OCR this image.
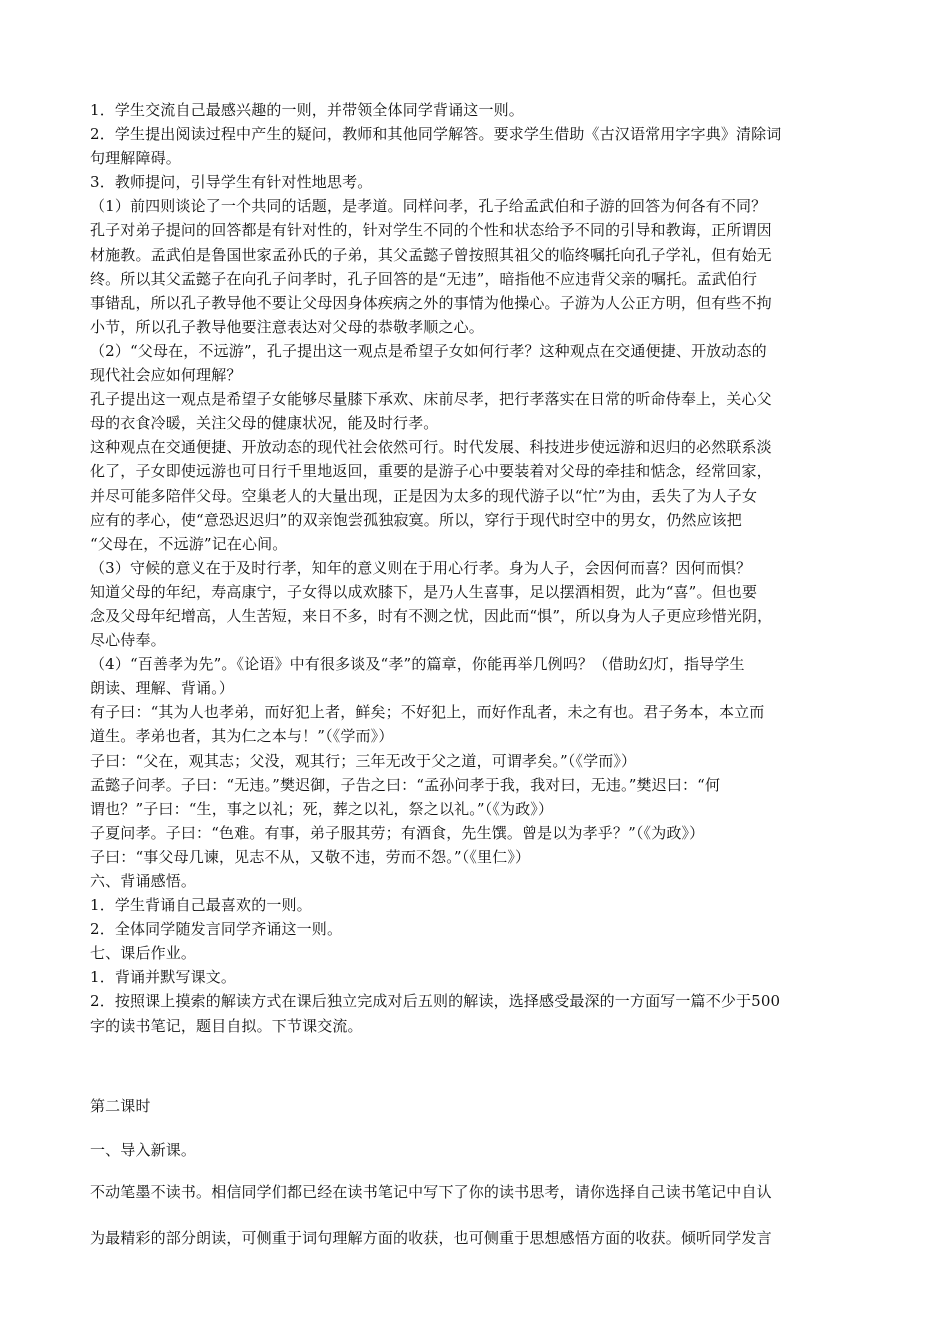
1．学生交流自己最感兴趣的一则，并带领全体同学背诵这一则。
2．学生提出阅读过程中产生的疑问，教师和其他同学解答。要求学生借助《古汉语常用字字典》清除词
句理解障碍。
3．教师提问，引导学生有针对性地思考。
（1）前四则谈论了一个共同的话题，是孝道。同样问孝，孔子给孟武伯和子游的回答为何各有不同？
孔子对弟子提问的回答都是有针对性的，针对学生不同的个性和状态给予不同的引导和教诲，正所谓因
材施教。孟武伯是鲁国世家孟孙氏的子弟，其父孟懿子曾按照其祖父的临终嘱托向孔子学礼，但有始无
终。所以其父孟懿子在向孔子问孝时，孔子回答的是“无违”，暗指他不应违背父亲的嘱托。孟武伯行
事错乱，所以孔子教导他不要让父母因身体疾病之外的事情为他操心。子游为人公正方明，但有些不拘
小节，所以孔子教导他要注意表达对父母的恭敬孝顺之心。
（2）“父母在，不远游”，孔子提出这一观点是希望子女如何行孝？这种观点在交通便捷、开放动态的
现代社会应如何理解？
孔子提出这一观点是希望子女能够尽量膝下承欢、床前尽孝，把行孝落实在日常的听命侍奉上，关心父
母的衣食冷暖，关注父母的健康状况，能及时行孝。
这种观点在交通便捷、开放动态的现代社会依然可行。时代发展、科技进步使远游和迟归的必然联系淡
化了，子女即使远游也可日行千里地返回，重要的是游子心中要装着对父母的牵挂和惦念，经常回家，
并尽可能多陪伴父母。空巢老人的大量出现，正是因为太多的现代游子以“忙”为由，丢失了为人子女
应有的孝心，使“意恐迟迟归”的双亲饱尝孤独寂寞。所以，穿行于现代时空中的男女，仍然应该把
“父母在，不远游”记在心间。
（3）守候的意义在于及时行孝，知年的意义则在于用心行孝。身为人子，会因何而喜？因何而惧？
知道父母的年纪，寿高康宁，子女得以成欢膝下，是乃人生喜事，足以摆酒相贺，此为“喜”。但也要
念及父母年纪增高，人生苦短，来日不多，时有不测之忧，因此而“惧”，所以身为人子更应珍惜光阴，
尽心侍奉。
（4）“百善孝为先”。《论语》中有很多谈及“孝”的篇章，你能再举几例吗？（借助幻灯，指导学生
朗读、理解、背诵。）
有子曰：“其为人也孝弟，而好犯上者，鲜矣；不好犯上，而好作乱者，未之有也。君子务本，本立而
道生。孝弟也者，其为仁之本与！”（《学而》）
子曰：“父在，观其志；父没，观其行；三年无改于父之道，可谓孝矣。”（《学而》）
孟懿子问孝。子曰：“无违。”樊迟御，子告之曰：“孟孙问孝于我，我对曰，无违。”樊迟曰：“何
谓也？”子曰：“生，事之以礼；死，葬之以礼，祭之以礼。”（《为政》）
子夏问孝。子曰：“色难。有事，弟子服其劳；有酒食，先生馔。曾是以为孝乎？”（《为政》）
子曰：“事父母几谏，见志不从，又敬不违，劳而不怨。”（《里仁》）
六、背诵感悟。
1．学生背诵自己最喜欢的一则。
2．全体同学随发言同学齐诵这一则。
七、课后作业。
1．背诵并默写课文。
2．按照课上摸索的解读方式在课后独立完成对后五则的解读，选择感受最深的一方面写一篇不少于500
字的读书笔记，题目自拟。下节课交流。
第二课时
一、导入新课。
不动笔墨不读书。相信同学们都已经在读书笔记中写下了你的读书思考，请你选择自己读书笔记中自认
为最精彩的部分朗读，可侧重于词句理解方面的收获，也可侧重于思想感悟方面的收获。倾听同学发言
